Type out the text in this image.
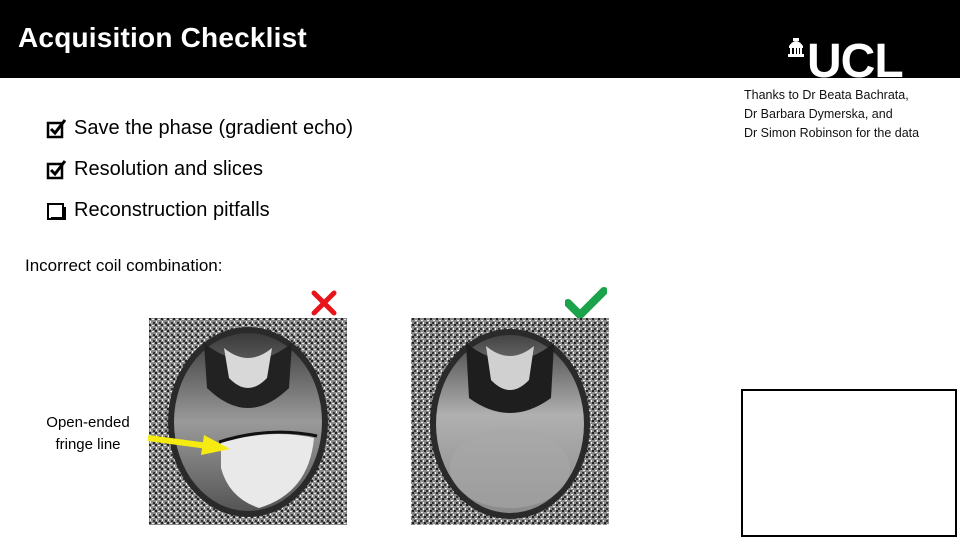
Acquisition Checklist	UCL
Thanks to Dr Beata Bachrata,
Dr Barbara Dymerska, and
Dr Simon Robinson for the data
Save the phase (gradient echo)
Resolution and slices
Reconstruction pitfalls
Incorrect coil combination:
Open-ended
fringe line
